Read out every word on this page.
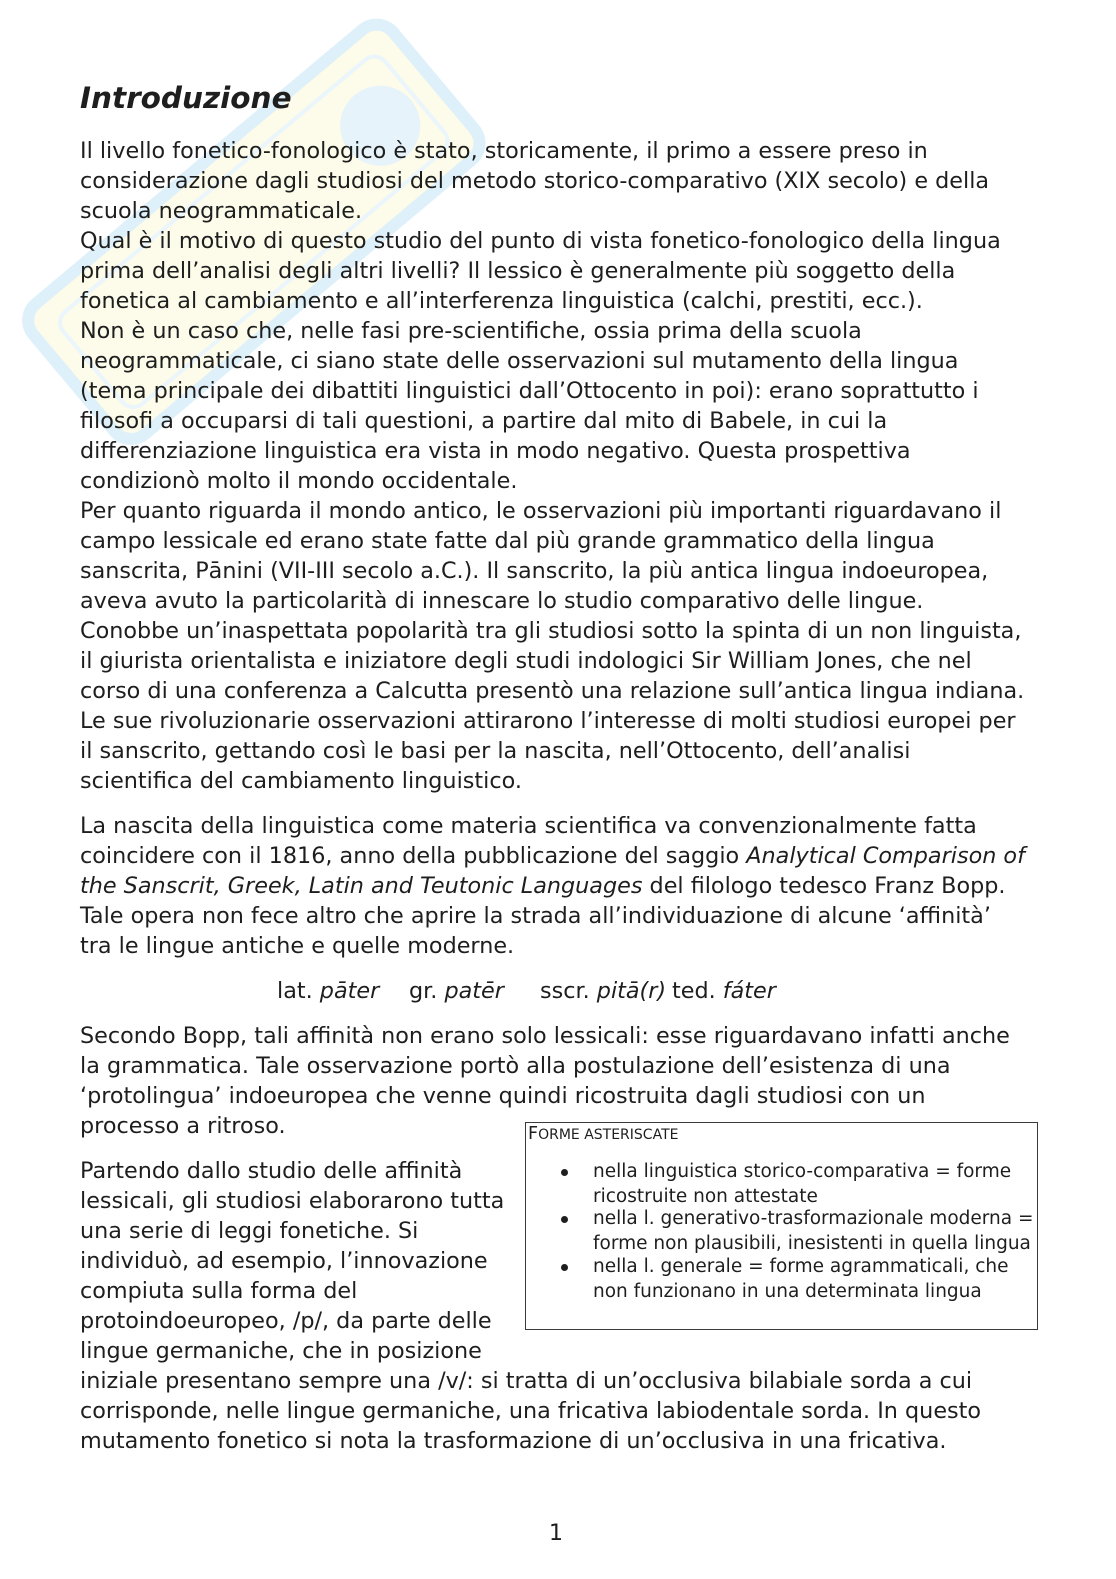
Introduzione
Il livello fonetico-fonologico è stato, storicamente, il primo a essere preso in
considerazione dagli studiosi del metodo storico-comparativo (XIX secolo) e della
scuola neogrammaticale.
Qual è il motivo di questo studio del punto di vista fonetico-fonologico della lingua
prima dell’analisi degli altri livelli? Il lessico è generalmente più soggetto della
fonetica al cambiamento e all’interferenza linguistica (calchi, prestiti, ecc.).
Non è un caso che, nelle fasi pre-scientifiche, ossia prima della scuola
neogrammaticale, ci siano state delle osservazioni sul mutamento della lingua
(tema principale dei dibattiti linguistici dall’Ottocento in poi): erano soprattutto i
filosofi a occuparsi di tali questioni, a partire dal mito di Babele, in cui la
differenziazione linguistica era vista in modo negativo. Questa prospettiva
condizionò molto il mondo occidentale.
Per quanto riguarda il mondo antico, le osservazioni più importanti riguardavano il
campo lessicale ed erano state fatte dal più grande grammatico della lingua
sanscrita, Pānini (VII-III secolo a.C.). Il sanscrito, la più antica lingua indoeuropea,
aveva avuto la particolarità di innescare lo studio comparativo delle lingue.
Conobbe un’inaspettata popolarità tra gli studiosi sotto la spinta di un non linguista,
il giurista orientalista e iniziatore degli studi indologici Sir William Jones, che nel
corso di una conferenza a Calcutta presentò una relazione sull’antica lingua indiana.
Le sue rivoluzionarie osservazioni attirarono l’interesse di molti studiosi europei per
il sanscrito, gettando così le basi per la nascita, nell’Ottocento, dell’analisi
scientifica del cambiamento linguistico.
La nascita della linguistica come materia scientifica va convenzionalmente fatta
coincidere con il 1816, anno della pubblicazione del saggio Analytical Comparison of
the Sanscrit, Greek, Latin and Teutonic Languages del filologo tedesco Franz Bopp.
Tale opera non fece altro che aprire la strada all’individuazione di alcune ‘affinità’
tra le lingue antiche e quelle moderne.
lat. pāter gr. patēr sscr. pitā(r) ted. fáter
Secondo Bopp, tali affinità non erano solo lessicali: esse riguardavano infatti anche
la grammatica. Tale osservazione portò alla postulazione dell’esistenza di una
‘protolingua’ indoeuropea che venne quindi ricostruita dagli studiosi con un
processo a ritroso.	FORME ASTERISCATE
nella linguistica storico-comparativa = forme
ricostruite non attestate
nella l. generativo-trasformazionale moderna =
forme non plausibili, inesistenti in quella lingua
nella l. generale = forme agrammaticali, che
non funzionano in una determinata lingua
Partendo dallo studio delle affinità
lessicali, gli studiosi elaborarono tutta
una serie di leggi fonetiche. Si
individuò, ad esempio, l’innovazione
compiuta sulla forma del
protoindoeuropeo, /p/, da parte delle
lingue germaniche, che in posizione
iniziale presentano sempre una /v/: si tratta di un’occlusiva bilabiale sorda a cui
corrisponde, nelle lingue germaniche, una fricativa labiodentale sorda. In questo
mutamento fonetico si nota la trasformazione di un’occlusiva in una fricativa.
1
